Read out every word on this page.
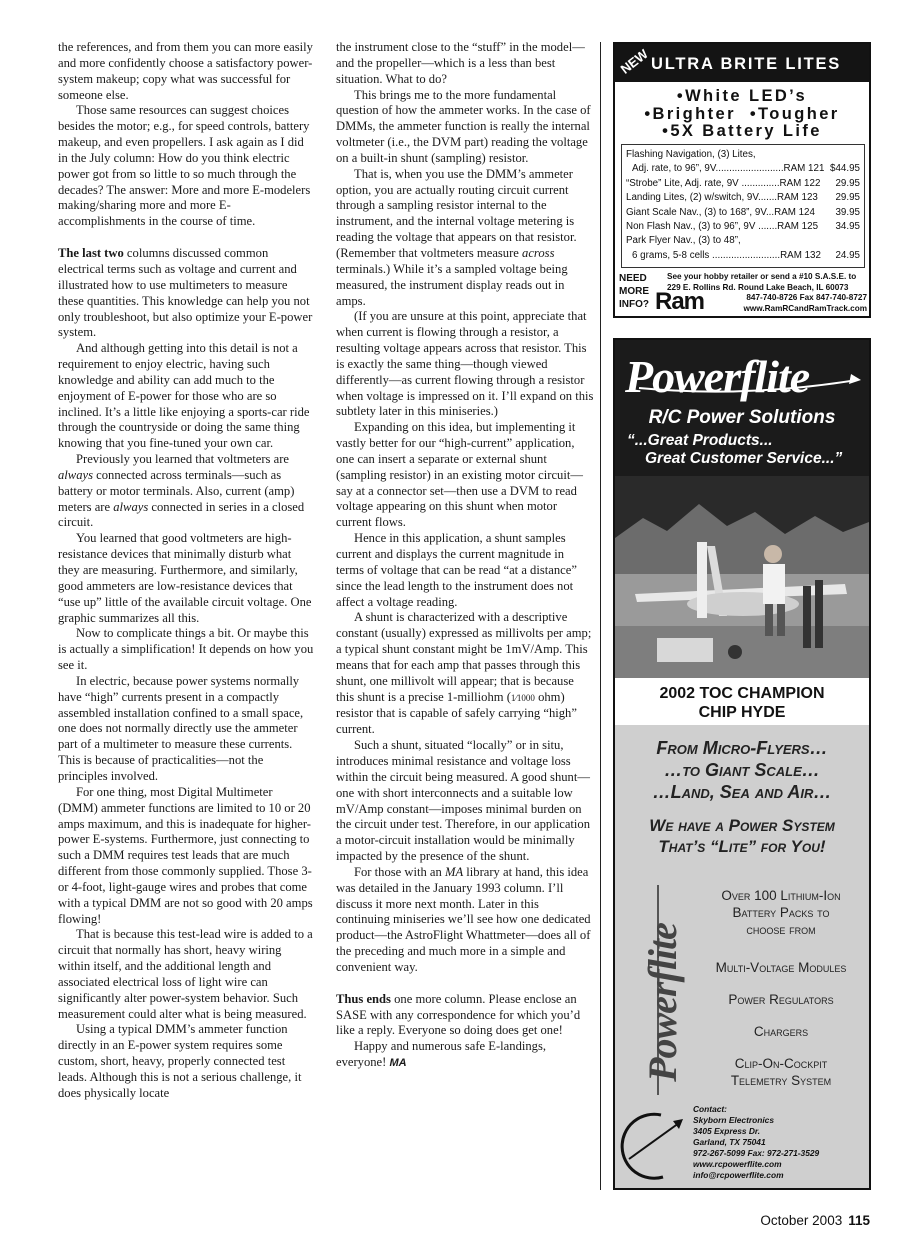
the references, and from them you can more easily and more confidently choose a satisfactory power-system makeup; copy what was successful for someone else.

Those same resources can suggest choices besides the motor; e.g., for speed controls, battery makeup, and even propellers. I ask again as I did in the July column: How do you think electric power got from so little to so much through the decades? The answer: More and more E-modelers making/sharing more and more E-accomplishments in the course of time.

The last two columns discussed common electrical terms such as voltage and current and illustrated how to use multimeters to measure these quantities. This knowledge can help you not only troubleshoot, but also optimize your E-power system.

And although getting into this detail is not a requirement to enjoy electric, having such knowledge and ability can add much to the enjoyment of E-power for those who are so inclined. It’s a little like enjoying a sports-car ride through the countryside or doing the same thing knowing that you fine-tuned your own car.

Previously you learned that voltmeters are always connected across terminals—such as battery or motor terminals. Also, current (amp) meters are always connected in series in a closed circuit.

You learned that good voltmeters are high-resistance devices that minimally disturb what they are measuring. Furthermore, and similarly, good ammeters are low-resistance devices that “use up” little of the available circuit voltage. One graphic summarizes all this.

Now to complicate things a bit. Or maybe this is actually a simplification! It depends on how you see it.

In electric, because power systems normally have “high” currents present in a compactly assembled installation confined to a small space, one does not normally directly use the ammeter part of a multimeter to measure these currents. This is because of practicalities—not the principles involved.

For one thing, most Digital Multimeter (DMM) ammeter functions are limited to 10 or 20 amps maximum, and this is inadequate for higher-power E-systems. Furthermore, just connecting to such a DMM requires test leads that are much different from those commonly supplied. Those 3- or 4-foot, light-gauge wires and probes that come with a typical DMM are not so good with 20 amps flowing!

That is because this test-lead wire is added to a circuit that normally has short, heavy wiring within itself, and the additional length and associated electrical loss of light wire can significantly alter power-system behavior. Such measurement could alter what is being measured.

Using a typical DMM’s ammeter function directly in an E-power system requires some custom, short, heavy, properly connected test leads. Although this is not a serious challenge, it does physically locate

the instrument close to the “stuff” in the model—and the propeller—which is a less than best situation. What to do?

This brings me to the more fundamental question of how the ammeter works. In the case of DMMs, the ammeter function is really the internal voltmeter (i.e., the DVM part) reading the voltage on a built-in shunt (sampling) resistor.

That is, when you use the DMM’s ammeter option, you are actually routing circuit current through a sampling resistor internal to the instrument, and the internal voltage metering is reading the voltage that appears on that resistor. (Remember that voltmeters measure across terminals.) While it’s a sampled voltage being measured, the instrument display reads out in amps.

(If you are unsure at this point, appreciate that when current is flowing through a resistor, a resulting voltage appears across that resistor. This is exactly the same thing—though viewed differently—as current flowing through a resistor when voltage is impressed on it. I’ll expand on this subtlety later in this miniseries.)

Expanding on this idea, but implementing it vastly better for our “high-current” application, one can insert a separate or external shunt (sampling resistor) in an existing motor circuit—say at a connector set—then use a DVM to read voltage appearing on this shunt when motor current flows.

Hence in this application, a shunt samples current and displays the current magnitude in terms of voltage that can be read “at a distance” since the lead length to the instrument does not affect a voltage reading.

A shunt is characterized with a descriptive constant (usually) expressed as millivolts per amp; a typical shunt constant might be 1mV/Amp. This means that for each amp that passes through this shunt, one millivolt will appear; that is because this shunt is a precise 1-milliohm (1⁄1000 ohm) resistor that is capable of safely carrying “high” current.

Such a shunt, situated “locally” or in situ, introduces minimal resistance and voltage loss within the circuit being measured. A good shunt—one with short interconnects and a suitable low mV/Amp constant—imposes minimal burden on the circuit under test. Therefore, in our application a motor-circuit installation would be minimally impacted by the presence of the shunt.

For those with an MA library at hand, this idea was detailed in the January 1993 column. I’ll discuss it more next month. Later in this continuing miniseries we’ll see how one dedicated product—the AstroFlight Whattmeter—does all of the preceding and much more in a simple and convenient way.

Thus ends one more column. Please enclose an SASE with any correspondence for which you’d like a reply. Everyone so doing does get one!

Happy and numerous safe E-landings, everyone! MA

NEW ULTRA BRITE LITES
•White LED’s
•Brighter  •Tougher
•5X Battery Life
Flashing Navigation, (3) Lites,
Adj. rate, to 96”, 9V.........................RAM 121 $44.95
“Strobe” Lite, Adj. rate, 9V ..............RAM 122	29.95
Landing Lites, (2) w/switch, 9V.......RAM 123	29.95
Giant Scale Nav., (3) to 168”, 9V...RAM 124	39.95
Non Flash Nav., (3) to 96”, 9V .......RAM 125	34.95
Park Flyer Nav., (3) to 48”,
6 grams, 5-8 cells .........................RAM 132	24.95
NEED
MORE
INFO? Ram
See your hobby retailer or send a #10 S.A.S.E. to
229 E. Rollins Rd. Round Lake Beach, IL 60073
847-740-8726 Fax 847-740-8727
www.RamRCandRamTrack.com
Powerflite
R/C Power Solutions
“...Great Products...
Great Customer Service...”
2002 TOC CHAMPION
CHIP HYDE
From Micro-Flyers…
…to Giant Scale…
…Land, Sea and Air…
We have a Power System
That’s “Lite” for You!
Powerflite
Over 100 Lithium-Ion
Battery Packs to
choose from
Multi-Voltage Modules
Power Regulators
Chargers
Clip-On-Cockpit
Telemetry System
Contact:
Skyborn Electronics
3405 Express Dr.
Garland, TX 75041
972-267-5099 Fax: 972-271-3529
www.rcpowerflite.com
info@rcpowerflite.com
October 2003 115
